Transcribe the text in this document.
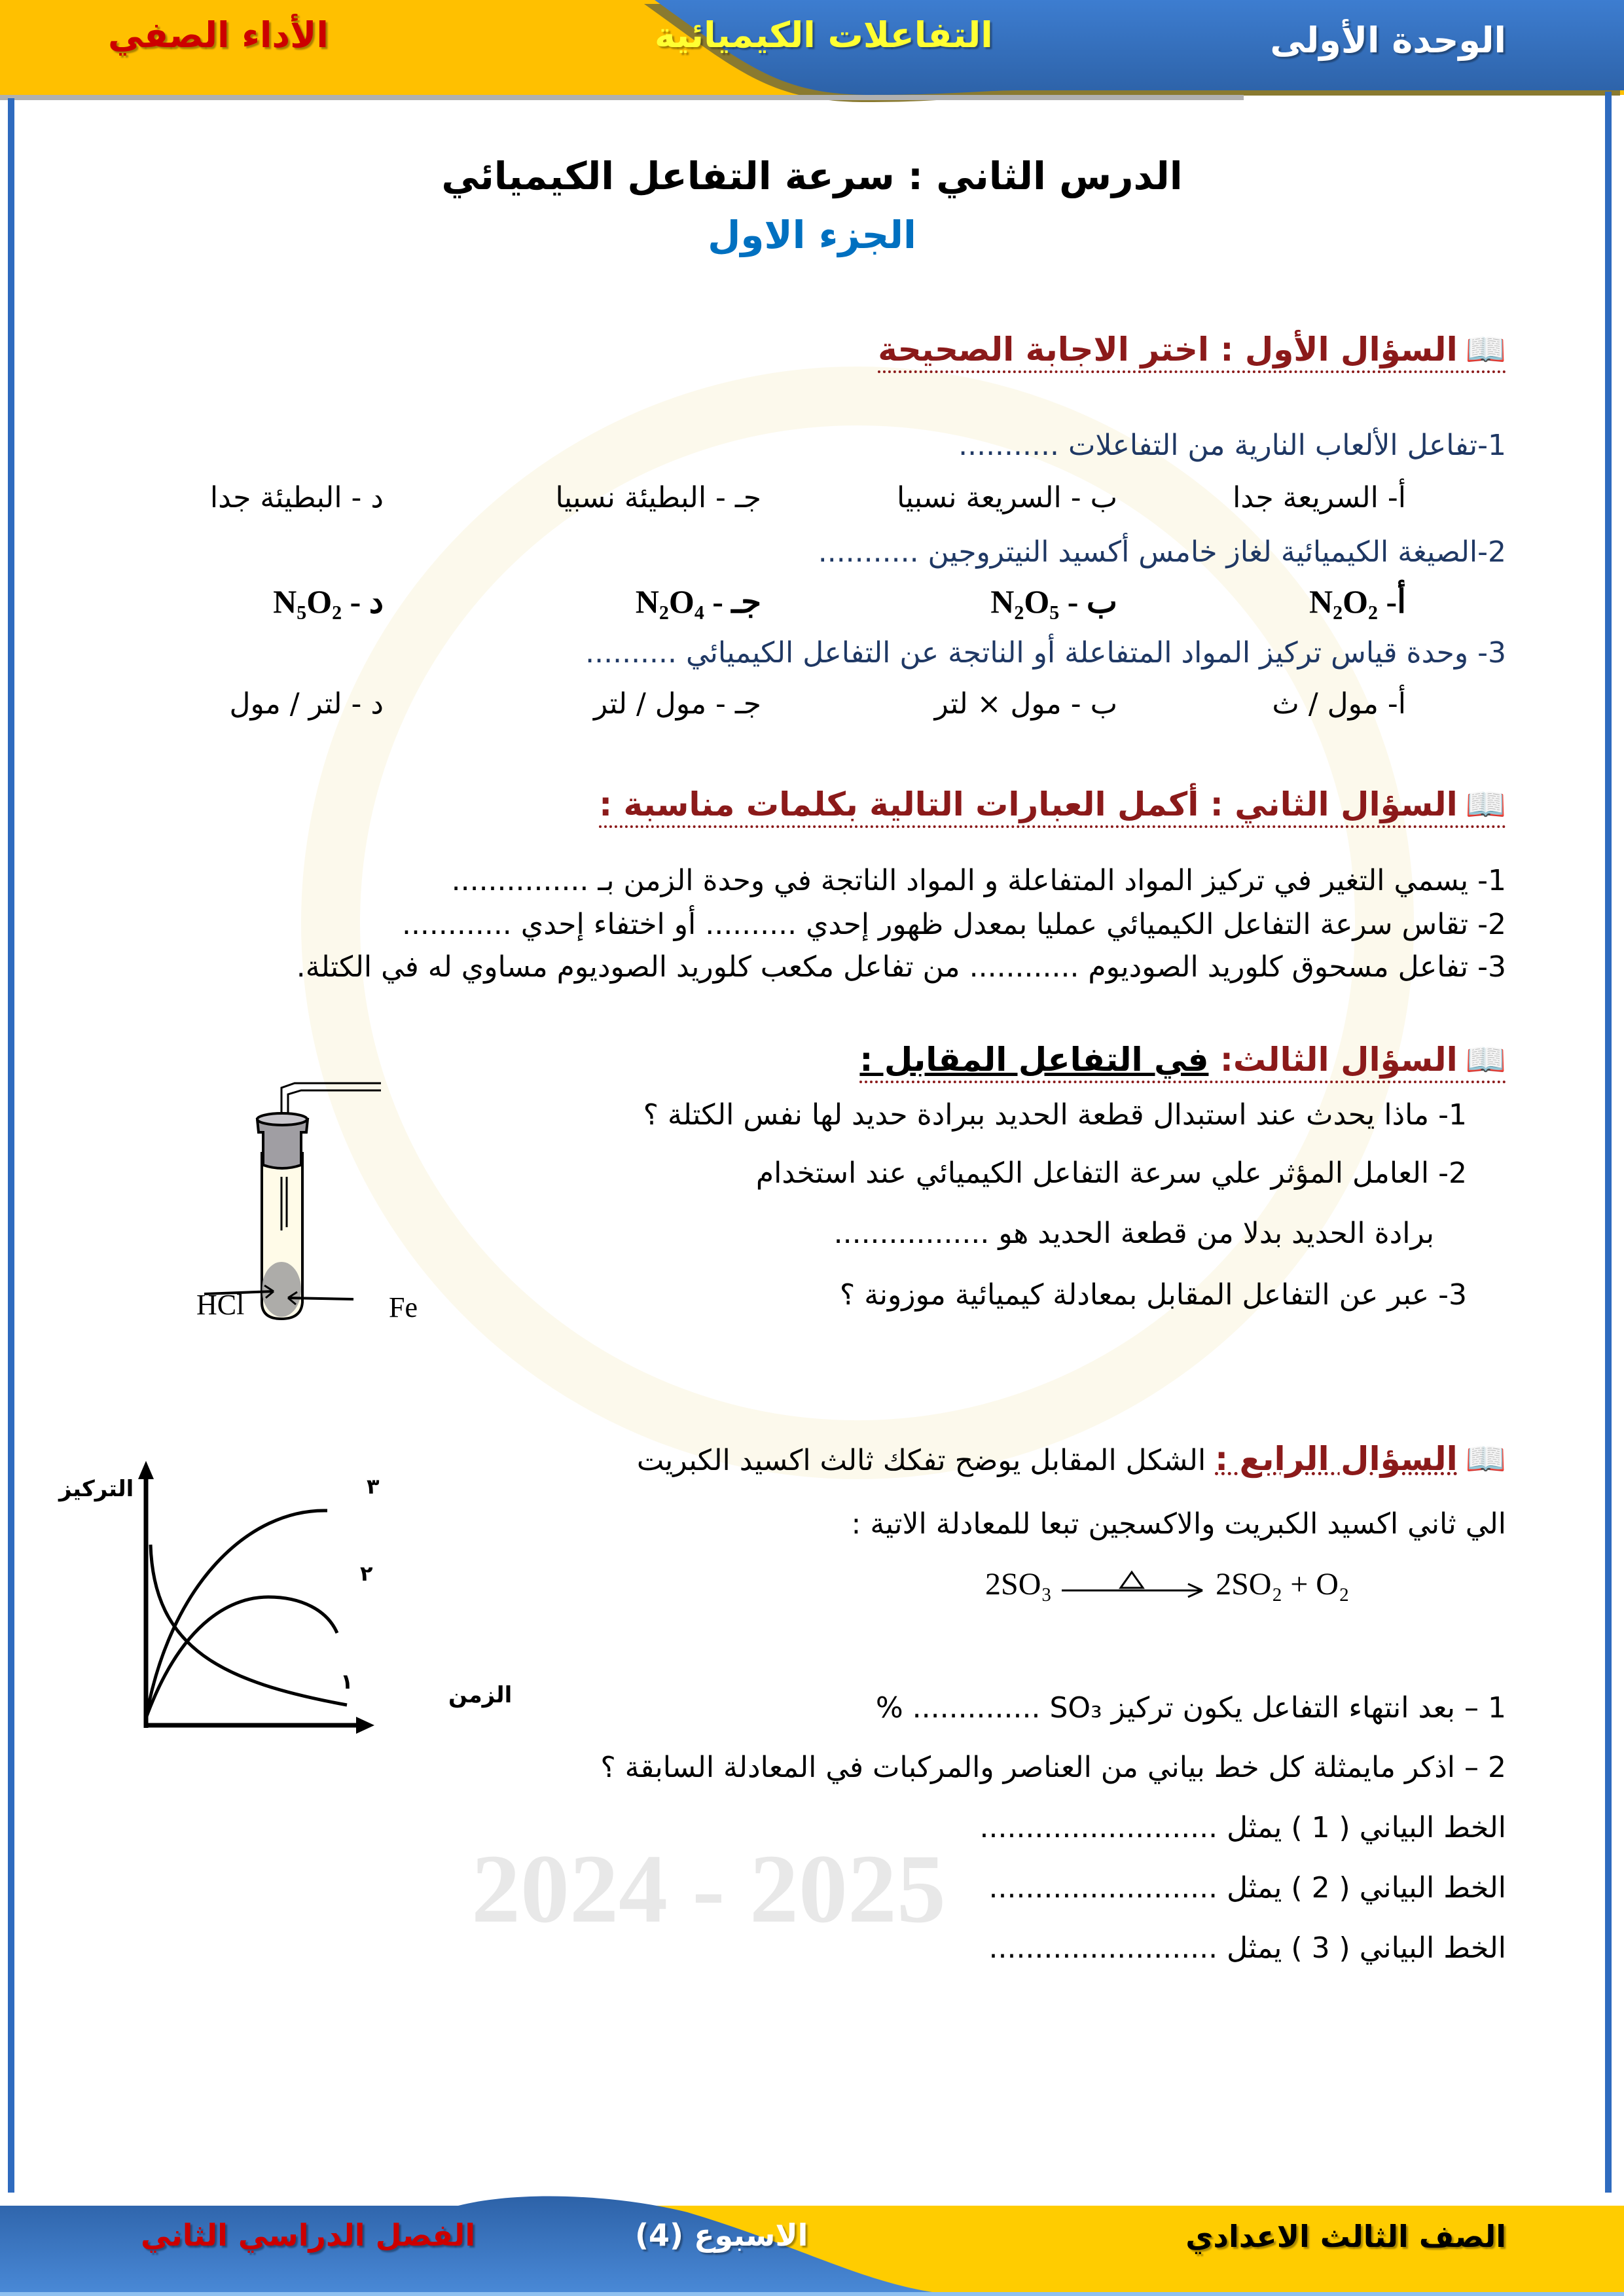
الوحدة الأولى
التفاعلات الكيميائية
الأداء الصفي
2024 - 2025
الدرس الثاني : سرعة التفاعل الكيميائي
الجزء الاول
📖السؤال الأول : اختر الاجابة الصحيحة
1-تفاعل الألعاب النارية من التفاعلات ...........
أ- السريعة جدا
ب - السريعة نسبيا
جـ - البطيئة نسبيا
د - البطيئة جدا
2-الصيغة الكيميائية لغاز خامس أكسيد النيتروجين ...........
أ- N₂O₂
ب - N₂O₅
جـ - N₂O₄
د - N₅O₂
3- وحدة قياس تركيز المواد المتفاعلة أو الناتجة عن التفاعل الكيميائي ..........
أ- مول / ث
ب - مول × لتر
جـ - مول / لتر
د - لتر / مول
📖السؤال الثاني : أكمل العبارات التالية بكلمات مناسبة :
1- يسمي التغير في تركيز المواد المتفاعلة و المواد الناتجة في وحدة الزمن بـ ...............
2- تقاس سرعة التفاعل الكيميائي عمليا بمعدل ظهور إحدي .......... أو اختفاء إحدي ............
3- تفاعل مسحوق كلوريد الصوديوم ............ من تفاعل مكعب كلوريد الصوديوم مساوي له في الكتلة.
📖السؤال الثالث: في التفاعل المقابل :
1- ماذا يحدث عند استبدال قطعة الحديد ببرادة حديد لها نفس الكتلة ؟
2- العامل المؤثر علي سرعة التفاعل الكيميائي عند استخدام
برادة الحديد بدلا من قطعة الحديد هو .................
3- عبر عن التفاعل المقابل بمعادلة كيميائية موزونة ؟
HCl	Fe
📖السؤال الرابع : الشكل المقابل يوضح تفكك ثالث اكسيد الكبريت
الي ثاني اكسيد الكبريت والاكسجين تبعا للمعادلة الاتية :
2SO₃	2SO₂ + O₂
1 – بعد انتهاء التفاعل يكون تركيز SO₃ .............. %
2 – اذكر مايمثلة كل خط بياني من العناصر والمركبات في المعادلة السابقة ؟
الخط البياني ( 1 ) يمثل ..........................
الخط البياني ( 2 ) يمثل .........................
الخط البياني ( 3 ) يمثل .........................
التركيز
الزمن
١
٢
٣
الصف الثالث الاعدادي
الاسبوع (4)
الفصل الدراسي الثاني
